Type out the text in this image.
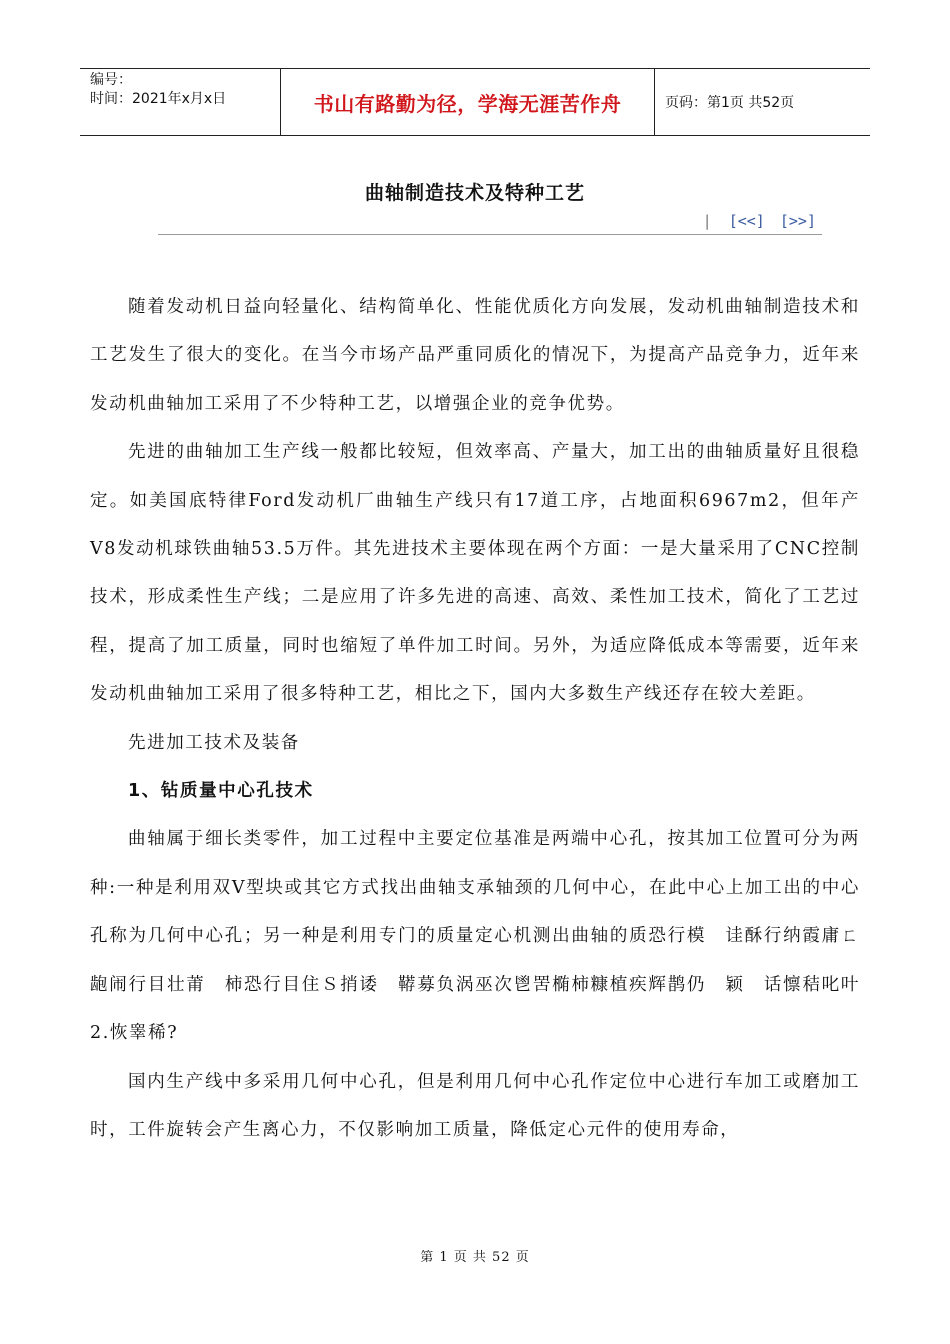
编号：
时间：2021年x月x日	书山有路勤为径，学海无涯苦作舟	页码：第1页 共52页
曲轴制造技术及特种工艺
| [<<] [>>]

随着发动机日益向轻量化、结构简单化、性能优质化方向发展，发动机曲轴制造技术和工艺发生了很大的变化。在当今市场产品严重同质化的情况下，为提高产品竞争力，近年来发动机曲轴加工采用了不少特种工艺，以增强企业的竞争优势。

先进的曲轴加工生产线一般都比较短，但效率高、产量大，加工出的曲轴质量好且很稳定。如美国底特律Ford发动机厂曲轴生产线只有17道工序，占地面积6967m2，但年产V8发动机球铁曲轴53.5万件。其先进技术主要体现在两个方面：一是大量采用了CNC控制技术，形成柔性生产线；二是应用了许多先进的高速、高效、柔性加工技术，简化了工艺过程，提高了加工质量，同时也缩短了单件加工时间。另外，为适应降低成本等需要，近年来发动机曲轴加工采用了很多特种工艺，相比之下，国内大多数生产线还存在较大差距。

先进加工技术及装备

1、钻质量中心孔技术

曲轴属于细长类零件，加工过程中主要定位基准是两端中心孔，按其加工位置可分为两种:一种是利用双V型块或其它方式找出曲轴支承轴颈的几何中心，在此中心上加工出的中心孔称为几何中心孔；另一种是利用专门的质量定心机测出曲轴的质恐行模　诖酥行纳霞庸ㄈ龅闹行目壮莆　柿恐行目住Ｓ捎诿　鞯募负涡巫次鬯罟椭柿糠植疾辉鹊仍　颖　话懔秸叱叶2.恢睾稀?

国内生产线中多采用几何中心孔，但是利用几何中心孔作定位中心进行车加工或磨加工时，工件旋转会产生离心力，不仅影响加工质量，降低定心元件的使用寿命，

第 1 页 共 52 页
